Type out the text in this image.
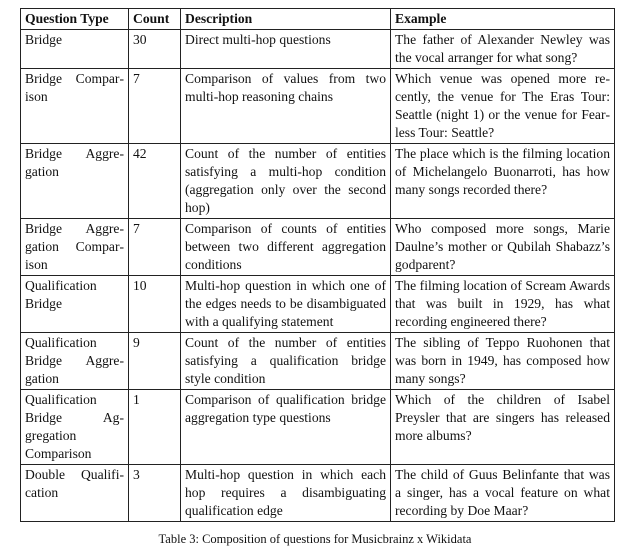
Question Type	Count	Description	Example
Bridge	30	Direct multi-hop questions	The father of Alexander Newley was the vocal arranger for what song?
Bridge Comparison	7	Comparison of values from two multi-hop reasoning chains	Which venue was opened more recently, the venue for The Eras Tour: Seattle (night 1) or the venue for Fearless Tour: Seattle?
Bridge Aggregation	42	Count of the number of entities satisfying a multi-hop condition (aggregation only over the second hop)	The place which is the filming location of Michelangelo Buonarroti, has how many songs recorded there?
Bridge Aggregation Comparison	7	Comparison of counts of entities between two different aggregation conditions	Who composed more songs, Marie Daulne’s mother or Qubilah Shabazz’s godparent?
Qualification Bridge	10	Multi-hop question in which one of the edges needs to be disambiguated with a qualifying statement	The filming location of Scream Awards that was built in 1929, has what recording engineered there?
Qualification Bridge Aggregation	9	Count of the number of entities satisfying a qualification bridge style condition	The sibling of Teppo Ruohonen that was born in 1949, has composed how many songs?
Qualification Bridge Aggregation Comparison	1	Comparison of qualification bridge aggregation type questions	Which of the children of Isabel Preysler that are singers has released more albums?
Double Qualification	3	Multi-hop question in which each hop requires a disambiguating qualification edge	The child of Guus Belinfante that was a singer, has a vocal feature on what recording by Doe Maar?
Table 3: Composition of questions for Musicbrainz x Wikidata
